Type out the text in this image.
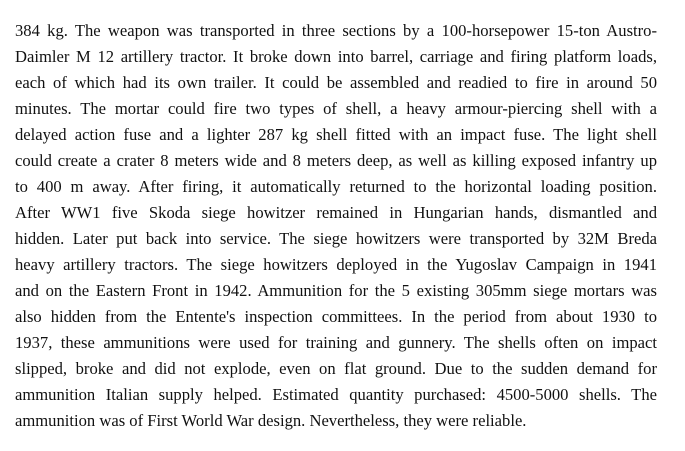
384 kg. The weapon was transported in three sections by a 100-horsepower 15-ton Austro-
Daimler M 12 artillery tractor. It broke down into barrel, carriage and firing platform loads,
each of which had its own trailer. It could be assembled and readied to fire in around 50
minutes. The mortar could fire two types of shell, a heavy armour-piercing shell with a
delayed action fuse and a lighter 287 kg shell fitted with an impact fuse. The light shell
could create a crater 8 meters wide and 8 meters deep, as well as killing exposed infantry up
to 400 m away. After firing, it automatically returned to the horizontal loading position.
After WW1 five Skoda siege howitzer remained in Hungarian hands, dismantled and
hidden. Later put back into service. The siege howitzers were transported by 32M Breda
heavy artillery tractors. The siege howitzers deployed in the Yugoslav Campaign in 1941
and on the Eastern Front in 1942. Ammunition for the 5 existing 305mm siege mortars was
also hidden from the Entente's inspection committees. In the period from about 1930 to
1937, these ammunitions were used for training and gunnery. The shells often on impact
slipped, broke and did not explode, even on flat ground. Due to the sudden demand for
ammunition Italian supply helped. Estimated quantity purchased: 4500-5000 shells. The
ammunition was of First World War design. Nevertheless, they were reliable.
